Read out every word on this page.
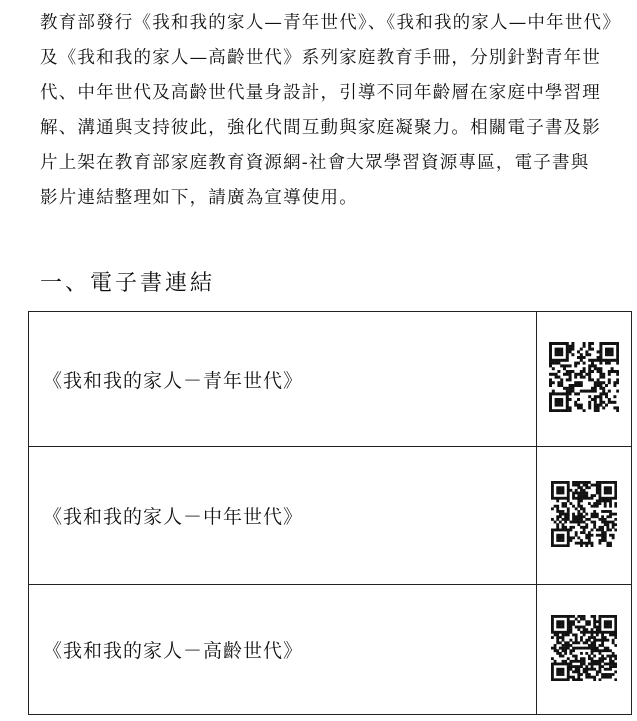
教育部發行《我和我的家人—青年世代》、《我和我的家人—中年世代》
及《我和我的家人—高齡世代》系列家庭教育手冊，分別針對青年世
代、中年世代及高齡世代量身設計，引導不同年齡層在家庭中學習理
解、溝通與支持彼此，強化代間互動與家庭凝聚力。相關電子書及影
片上架在教育部家庭教育資源網-社會大眾學習資源專區，電子書與
影片連結整理如下，請廣為宣導使用。
一、電子書連結
《我和我的家人－青年世代》	
《我和我的家人－中年世代》	
《我和我的家人－高齡世代》	
